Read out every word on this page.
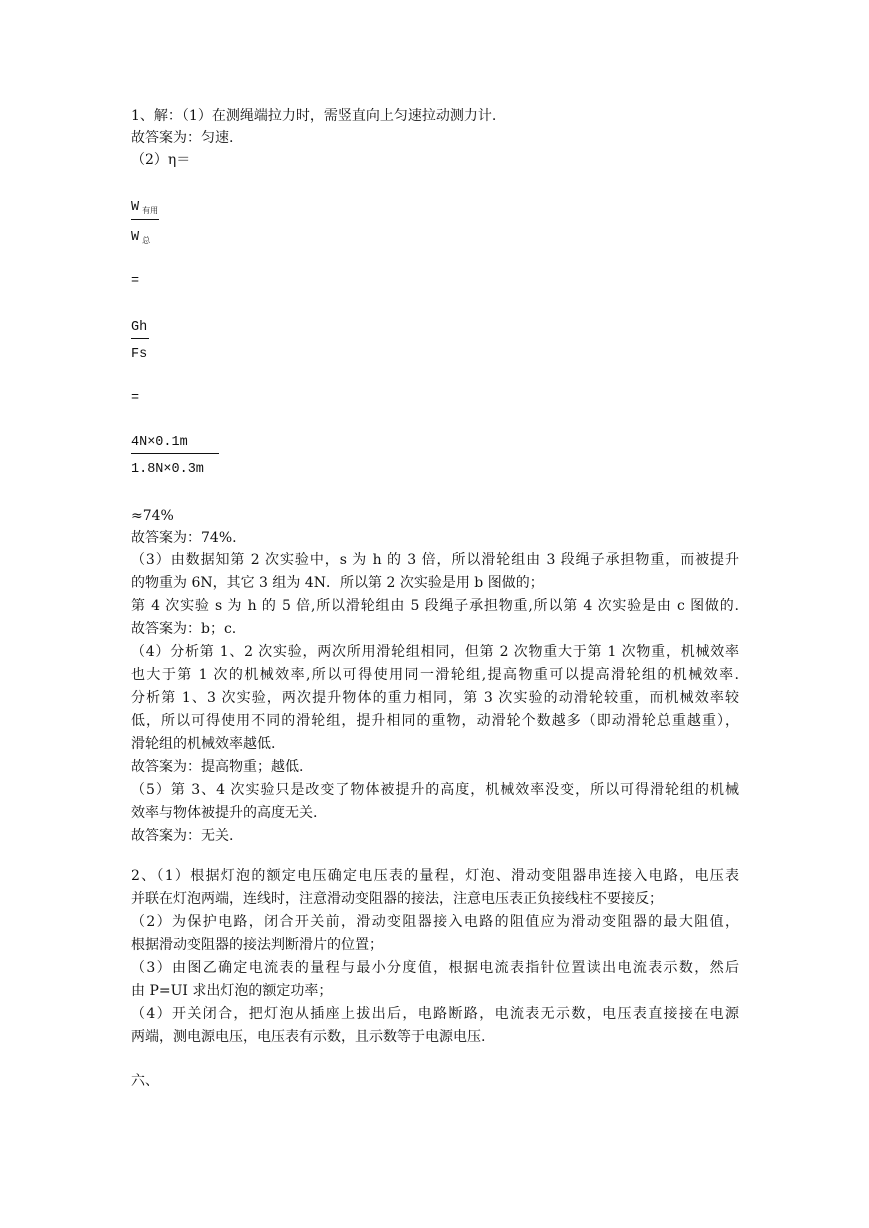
1、解：（1）在测绳端拉力时，需竖直向上匀速拉动测力计.
故答案为：匀速.
（2）η＝
W $_{有用}$
W $_总$
=
Gh
Fs
=
4N×0.1m
1.8N×0.3m
≈74%
故答案为：74%.
（3）由数据知第 2 次实验中，s 为 h 的 3 倍，所以滑轮组由 3 段绳子承担物重，而被提升
的物重为 6N，其它 3 组为 4N．所以第 2 次实验是用 b 图做的；
第 4 次实验 s 为 h 的 5 倍,所以滑轮组由 5 段绳子承担物重,所以第 4 次实验是由 c 图做的.
故答案为：b；c.
（4）分析第 1、2 次实验，两次所用滑轮组相同，但第 2 次物重大于第 1 次物重，机械效率
也大于第 1 次的机械效率,所以可得使用同一滑轮组,提高物重可以提高滑轮组的机械效率.
分析第 1、3 次实验，两次提升物体的重力相同，第 3 次实验的动滑轮较重，而机械效率较
低，所以可得使用不同的滑轮组，提升相同的重物，动滑轮个数越多（即动滑轮总重越重），
滑轮组的机械效率越低.
故答案为：提高物重；越低.
（5）第 3、4 次实验只是改变了物体被提升的高度，机械效率没变，所以可得滑轮组的机械
效率与物体被提升的高度无关.
故答案为：无关.
2、（1）根据灯泡的额定电压确定电压表的量程，灯泡、滑动变阻器串连接入电路，电压表
并联在灯泡两端，连线时，注意滑动变阻器的接法，注意电压表正负接线柱不要接反；
（2）为保护电路，闭合开关前，滑动变阻器接入电路的阻值应为滑动变阻器的最大阻值，
根据滑动变阻器的接法判断滑片的位置；
（3）由图乙确定电流表的量程与最小分度值，根据电流表指针位置读出电流表示数，然后
由 P=UI 求出灯泡的额定功率；
（4）开关闭合，把灯泡从插座上拔出后，电路断路，电流表无示数，电压表直接接在电源
两端，测电源电压，电压表有示数，且示数等于电源电压.
六、
